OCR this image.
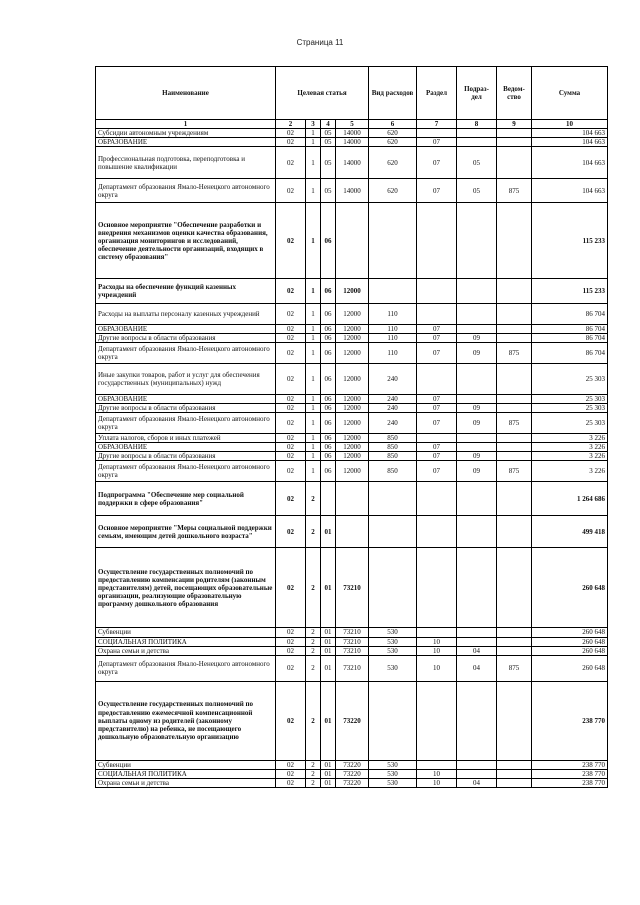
Страница 11
Наименование	Целевая статья				Вид расходов	Раздел	Подраз-дел	Ведом-ство	Сумма
1	2	3	4	5	6	7	8	9	10
Субсидии автономным учреждениям	02	1	05	14000	620				104 663
ОБРАЗОВАНИЕ	02	1	05	14000	620	07			104 663
Профессиональная подготовка, переподготовка и повышение квалификации	02	1	05	14000	620	07	05		104 663
Департамент образования Ямало-Ненецкого автономного округа	02	1	05	14000	620	07	05	875	104 663
Основное мероприятие "Обеспечение разработки и внедрения механизмов оценки качества образования, организация мониторингов и исследований, обеспечение деятельности организаций, входящих в систему образования"	02	1	06						115 233
Расходы на обеспечение функций казенных учреждений	02	1	06	12000					115 233
Расходы на выплаты персоналу казенных учреждений	02	1	06	12000	110				86 704
ОБРАЗОВАНИЕ	02	1	06	12000	110	07			86 704
Другие вопросы в области образования	02	1	06	12000	110	07	09		86 704
Департамент образования Ямало-Ненецкого автономного округа	02	1	06	12000	110	07	09	875	86 704
Иные закупки товаров, работ и услуг для обеспечения государственных (муниципальных) нужд	02	1	06	12000	240				25 303
ОБРАЗОВАНИЕ	02	1	06	12000	240	07			25 303
Другие вопросы в области образования	02	1	06	12000	240	07	09		25 303
Департамент образования Ямало-Ненецкого автономного округа	02	1	06	12000	240	07	09	875	25 303
Уплата налогов, сборов и иных платежей	02	1	06	12000	850				3 226
ОБРАЗОВАНИЕ	02	1	06	12000	850	07			3 226
Другие вопросы в области образования	02	1	06	12000	850	07	09		3 226
Департамент образования Ямало-Ненецкого автономного округа	02	1	06	12000	850	07	09	875	3 226
Подпрограмма "Обеспечение мер социальной поддержки в сфере образования"	02	2							1 264 686
Основное мероприятие "Меры социальной поддержки семьям, имеющим детей дошкольного возраста"	02	2	01						499 418
Осуществление государственных полномочий по предоставлению компенсации родителям (законным представителям) детей, посещающих образовательные организации, реализующие образовательную программу дошкольного образования	02	2	01	73210					260 648
Субвенции	02	2	01	73210	530				260 648
СОЦИАЛЬНАЯ ПОЛИТИКА	02	2	01	73210	530	10			260 648
Охрана семьи и детства	02	2	01	73210	530	10	04		260 648
Департамент образования Ямало-Ненецкого автономного округа	02	2	01	73210	530	10	04	875	260 648
Осуществление государственных полномочий по предоставлению ежемесячной компенсационной выплаты одному из родителей (законному представителю) на ребенка, не посещающего дошкольную образовательную организацию	02	2	01	73220					238 770
Субвенции	02	2	01	73220	530				238 770
СОЦИАЛЬНАЯ ПОЛИТИКА	02	2	01	73220	530	10			238 770
Охрана семьи и детства	02	2	01	73220	530	10	04		238 770
